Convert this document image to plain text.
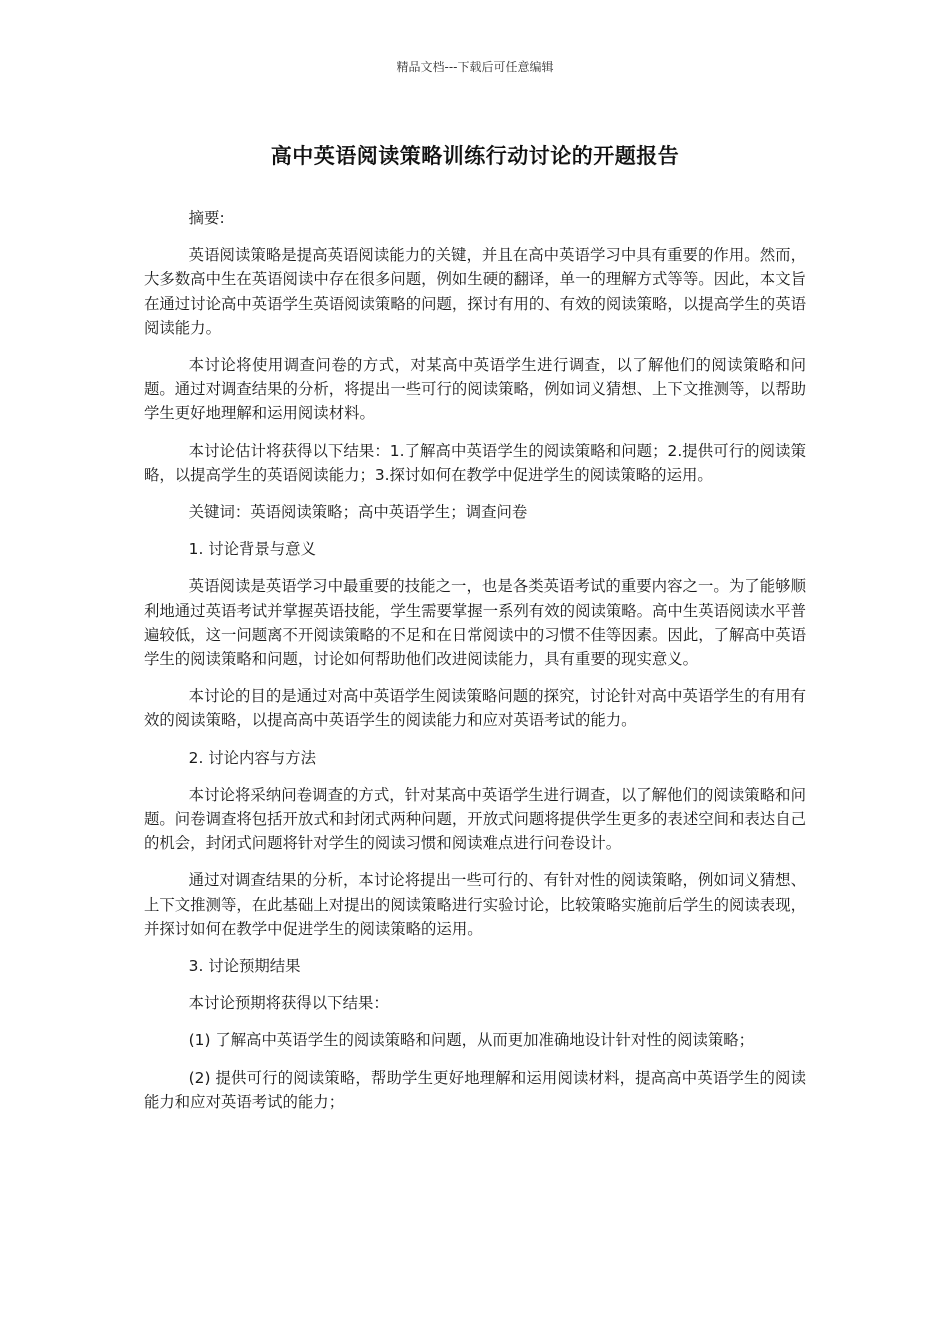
精品文档---下载后可任意编辑
高中英语阅读策略训练行动讨论的开题报告

摘要:

英语阅读策略是提高英语阅读能力的关键，并且在高中英语学习中具有重要的作用。然而，大多数高中生在英语阅读中存在很多问题，例如生硬的翻译，单一的理解方式等等。因此，本文旨在通过讨论高中英语学生英语阅读策略的问题，探讨有用的、有效的阅读策略，以提高学生的英语阅读能力。

本讨论将使用调查问卷的方式，对某高中英语学生进行调查，以了解他们的阅读策略和问题。通过对调查结果的分析，将提出一些可行的阅读策略，例如词义猜想、上下文推测等，以帮助学生更好地理解和运用阅读材料。

本讨论估计将获得以下结果：1.了解高中英语学生的阅读策略和问题；2.提供可行的阅读策略，以提高学生的英语阅读能力；3.探讨如何在教学中促进学生的阅读策略的运用。

关键词：英语阅读策略；高中英语学生；调查问卷

1. 讨论背景与意义

英语阅读是英语学习中最重要的技能之一，也是各类英语考试的重要内容之一。为了能够顺利地通过英语考试并掌握英语技能，学生需要掌握一系列有效的阅读策略。高中生英语阅读水平普遍较低，这一问题离不开阅读策略的不足和在日常阅读中的习惯不佳等因素。因此，了解高中英语学生的阅读策略和问题，讨论如何帮助他们改进阅读能力，具有重要的现实意义。

本讨论的目的是通过对高中英语学生阅读策略问题的探究，讨论针对高中英语学生的有用有效的阅读策略，以提高高中英语学生的阅读能力和应对英语考试的能力。

2. 讨论内容与方法

本讨论将采纳问卷调查的方式，针对某高中英语学生进行调查，以了解他们的阅读策略和问题。问卷调查将包括开放式和封闭式两种问题，开放式问题将提供学生更多的表述空间和表达自己的机会，封闭式问题将针对学生的阅读习惯和阅读难点进行问卷设计。

通过对调查结果的分析，本讨论将提出一些可行的、有针对性的阅读策略，例如词义猜想、上下文推测等，在此基础上对提出的阅读策略进行实验讨论，比较策略实施前后学生的阅读表现，并探讨如何在教学中促进学生的阅读策略的运用。

3. 讨论预期结果

本讨论预期将获得以下结果：

(1) 了解高中英语学生的阅读策略和问题，从而更加准确地设计针对性的阅读策略；

(2) 提供可行的阅读策略，帮助学生更好地理解和运用阅读材料，提高高中英语学生的阅读能力和应对英语考试的能力；
